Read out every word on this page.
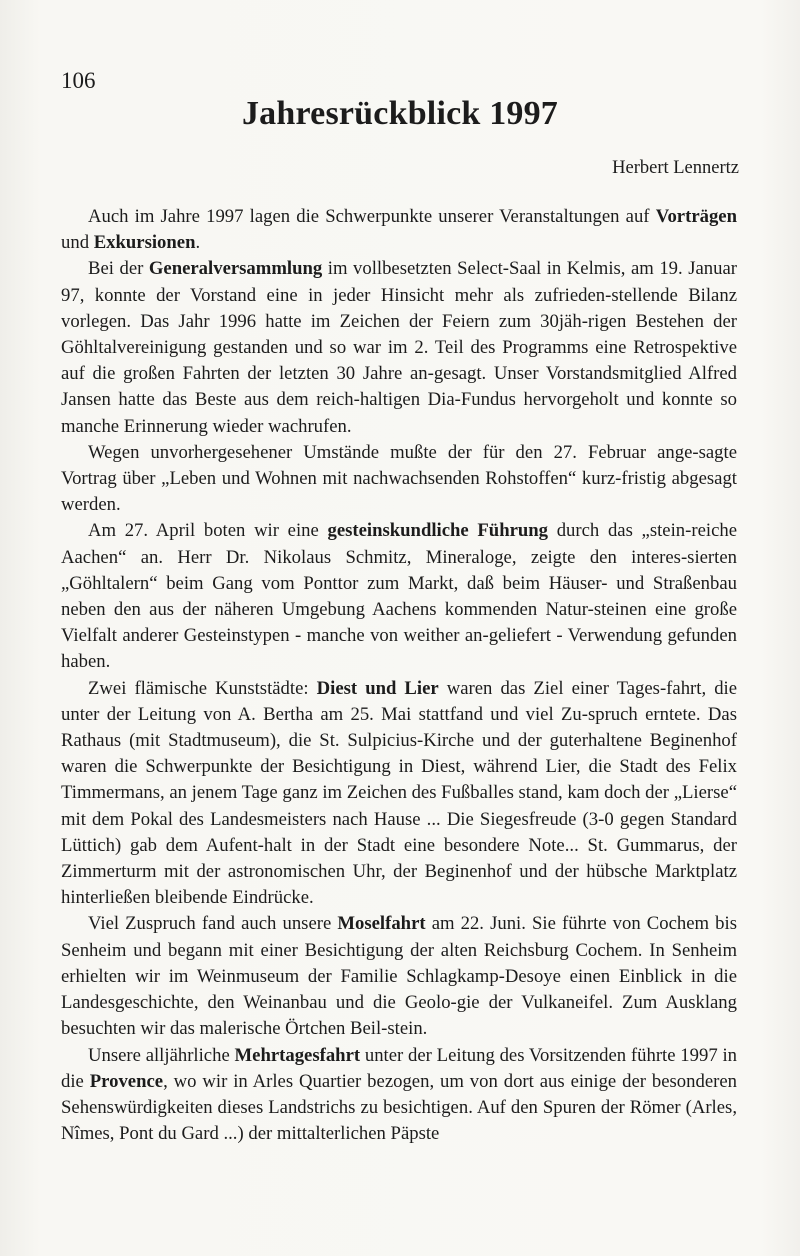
106
Jahresrückblick 1997
Herbert Lennertz

Auch im Jahre 1997 lagen die Schwerpunkte unserer Veranstaltungen auf Vorträgen und Exkursionen.

Bei der Generalversammlung im vollbesetzten Select-Saal in Kelmis, am 19. Januar 97, konnte der Vorstand eine in jeder Hinsicht mehr als zufrieden-stellende Bilanz vorlegen. Das Jahr 1996 hatte im Zeichen der Feiern zum 30jäh-rigen Bestehen der Göhltalvereinigung gestanden und so war im 2. Teil des Programms eine Retrospektive auf die großen Fahrten der letzten 30 Jahre an-gesagt. Unser Vorstandsmitglied Alfred Jansen hatte das Beste aus dem reich-haltigen Dia-Fundus hervorgeholt und konnte so manche Erinnerung wieder wachrufen.

Wegen unvorhergesehener Umstände mußte der für den 27. Februar ange-sagte Vortrag über „Leben und Wohnen mit nachwachsenden Rohstoffen“ kurz-fristig abgesagt werden.

Am 27. April boten wir eine gesteinskundliche Führung durch das „stein-reiche Aachen“ an. Herr Dr. Nikolaus Schmitz, Mineraloge, zeigte den interes-sierten „Göhltalern“ beim Gang vom Ponttor zum Markt, daß beim Häuser- und Straßenbau neben den aus der näheren Umgebung Aachens kommenden Natur-steinen eine große Vielfalt anderer Gesteinstypen - manche von weither an-geliefert - Verwendung gefunden haben.

Zwei flämische Kunststädte: Diest und Lier waren das Ziel einer Tages-fahrt, die unter der Leitung von A. Bertha am 25. Mai stattfand und viel Zu-spruch erntete. Das Rathaus (mit Stadtmuseum), die St. Sulpicius-Kirche und der guterhaltene Beginenhof waren die Schwerpunkte der Besichtigung in Diest, während Lier, die Stadt des Felix Timmermans, an jenem Tage ganz im Zeichen des Fußballes stand, kam doch der „Lierse“ mit dem Pokal des Landesmeisters nach Hause ... Die Siegesfreude (3-0 gegen Standard Lüttich) gab dem Aufent-halt in der Stadt eine besondere Note... St. Gummarus, der Zimmerturm mit der astronomischen Uhr, der Beginenhof und der hübsche Marktplatz hinterließen bleibende Eindrücke.

Viel Zuspruch fand auch unsere Moselfahrt am 22. Juni. Sie führte von Cochem bis Senheim und begann mit einer Besichtigung der alten Reichsburg Cochem. In Senheim erhielten wir im Weinmuseum der Familie Schlagkamp-Desoye einen Einblick in die Landesgeschichte, den Weinanbau und die Geolo-gie der Vulkaneifel. Zum Ausklang besuchten wir das malerische Örtchen Beil-stein.

Unsere alljährliche Mehrtagesfahrt unter der Leitung des Vorsitzenden führte 1997 in die Provence, wo wir in Arles Quartier bezogen, um von dort aus einige der besonderen Sehenswürdigkeiten dieses Landstrichs zu besichtigen. Auf den Spuren der Römer (Arles, Nîmes, Pont du Gard ...) der mittalterlichen Päpste
